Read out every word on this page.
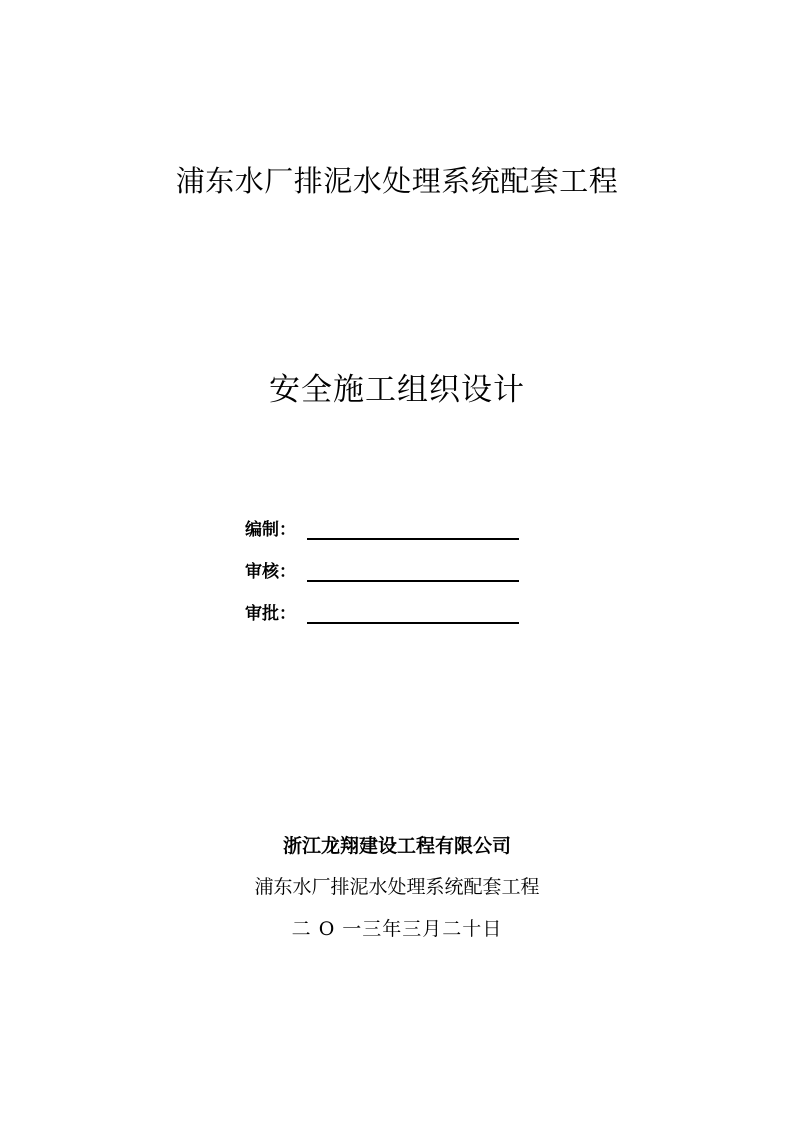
浦东水厂排泥水处理系统配套工程
安全施工组织设计
编制：
审核：
审批：
浙江龙翔建设工程有限公司
浦东水厂排泥水处理系统配套工程
二 O 一三年三月二十日
